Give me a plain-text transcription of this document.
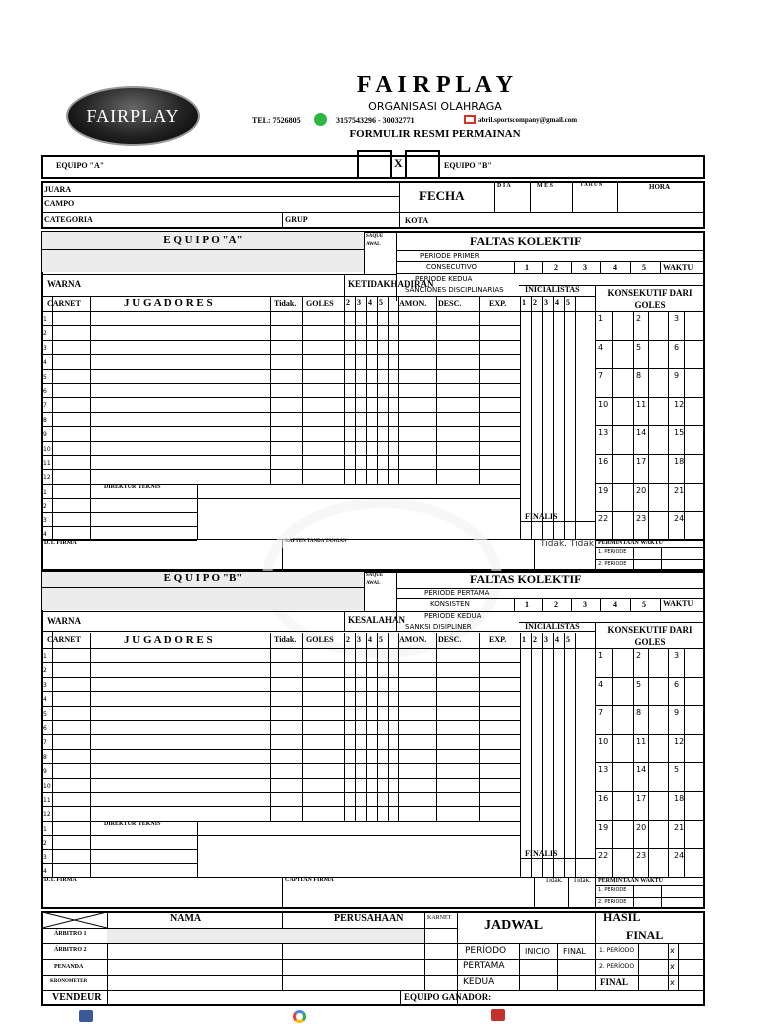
FAIRPLAY
F A I R P L A Y
ORGANISASI OLAHRAGA
TEL: 7526805	3157543296 - 30032771	abril.sportscompany@gmail.com
FORMULIR RESMI PERMAINAN
EQUIPO "A"	X	EQUIPO "B"
JUARA
CAMPO
CATEGORIA	GRUP	KOTA
FECHA
D I A	M E S	T A H U N	HORA
E Q U I P O "A"	SAQUE AWAL	FALTAS KOLEKTIF
PERIODE PRIMER
CONSECUTIVO	1	2	3	4	5 WAKTU
PERIODE KEDUA
SANCIONES DISCIPLINARIAS
WARNA	KETIDAKHADIRAN
INICIALISTAS	KONSEKUTIF DARI GOLES
CARNET	J U G A D O R E S	Tidak. GOLES	AMON. DESC.	EXP.
DIREKTUR TEKNIS
FINALIS
D.T. FIRMA	KAPTEN TANDA TANGAN	Tidak. Tidak. PERMINTAAN WAKTU
1. PERIODE
2. PERIODE
E Q U I P O "B"	SAQUE AWAL	FALTAS KOLEKTIF
PERIODE PERTAMA
KONSISTEN	1	2	3	4	5 WAKTU
PERIODE KEDUA
SANKSI DISIPLINER
WARNA	KESALAHAN
INICIALISTAS	KONSEKUTIF DARI GOLES
CARNET	J U G A D O R E S	Tidak. GOLES	AMON. DESC.	EXP.
DIREKTUR TEKNIS
FINALIS
D.T. FIRMA	CAPITAN FIRMA	Tidak. Tidak. PERMINTAAN WAKTU
1. PERIODE
2. PERIODE
NAMA	PERUSAHAAN	KARNET
ÁRBITRO 1
ÁRBITRO 2
PENANDA
KRONOMETER
VENDEUR	EQUIPO GANADOR:
JADWAL
PERÍODO INICIO FINAL
PERTAMA
KEDUA
HASIL
FINAL
1. PERÍODO	x
2. PERÍODO	x
FINAL	x
1
2
3
4
5
6
7
8
9
10
11
12
1
2
3
4
1 2 3 4 5
2 3 4 5
1	2	3
4	5	6
7	8	9
10	11	12
13	14	15
16	17	18
19	20	21
22	23	24
1
2
3
4
5
6
7
8
9
10
11
12
1
2
3
4
1 2 3 4 5
2 3 4 5
1	2	3
4	5	6
7	8	9
10	11	12
13	14	5
16	17	18
19	20	21
22	23	24
